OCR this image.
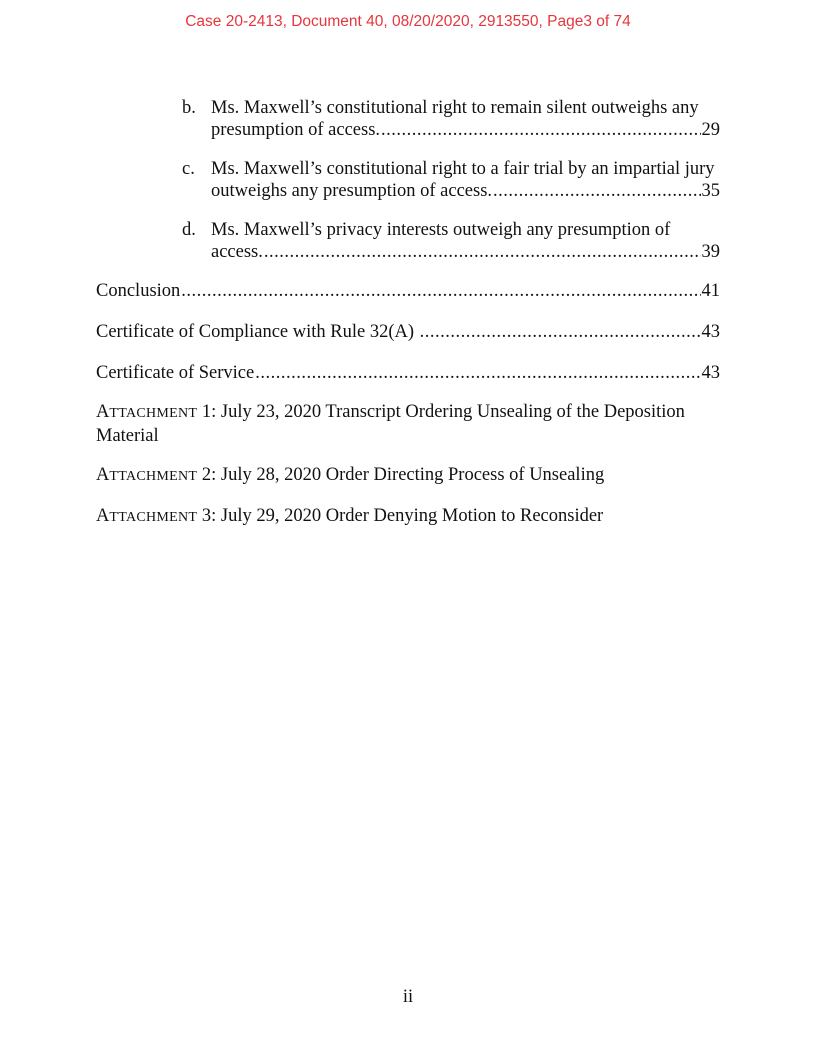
Case 20-2413, Document 40, 08/20/2020, 2913550, Page3 of 74
b. Ms. Maxwell’s constitutional right to remain silent outweighs any
presumption of access. .....	29
c. Ms. Maxwell’s constitutional right to a fair trial by an impartial jury
outweighs any presumption of access. .....	35
d. Ms. Maxwell’s privacy interests outweigh any presumption of
access. .....	39
Conclusion .....	41
Certificate of Compliance with Rule 32(A) .....	43
Certificate of Service .....	43
ATTACHMENT 1: July 23, 2020 Transcript Ordering Unsealing of the Deposition
Material
ATTACHMENT 2: July 28, 2020 Order Directing Process of Unsealing
ATTACHMENT 3: July 29, 2020 Order Denying Motion to Reconsider
ii
